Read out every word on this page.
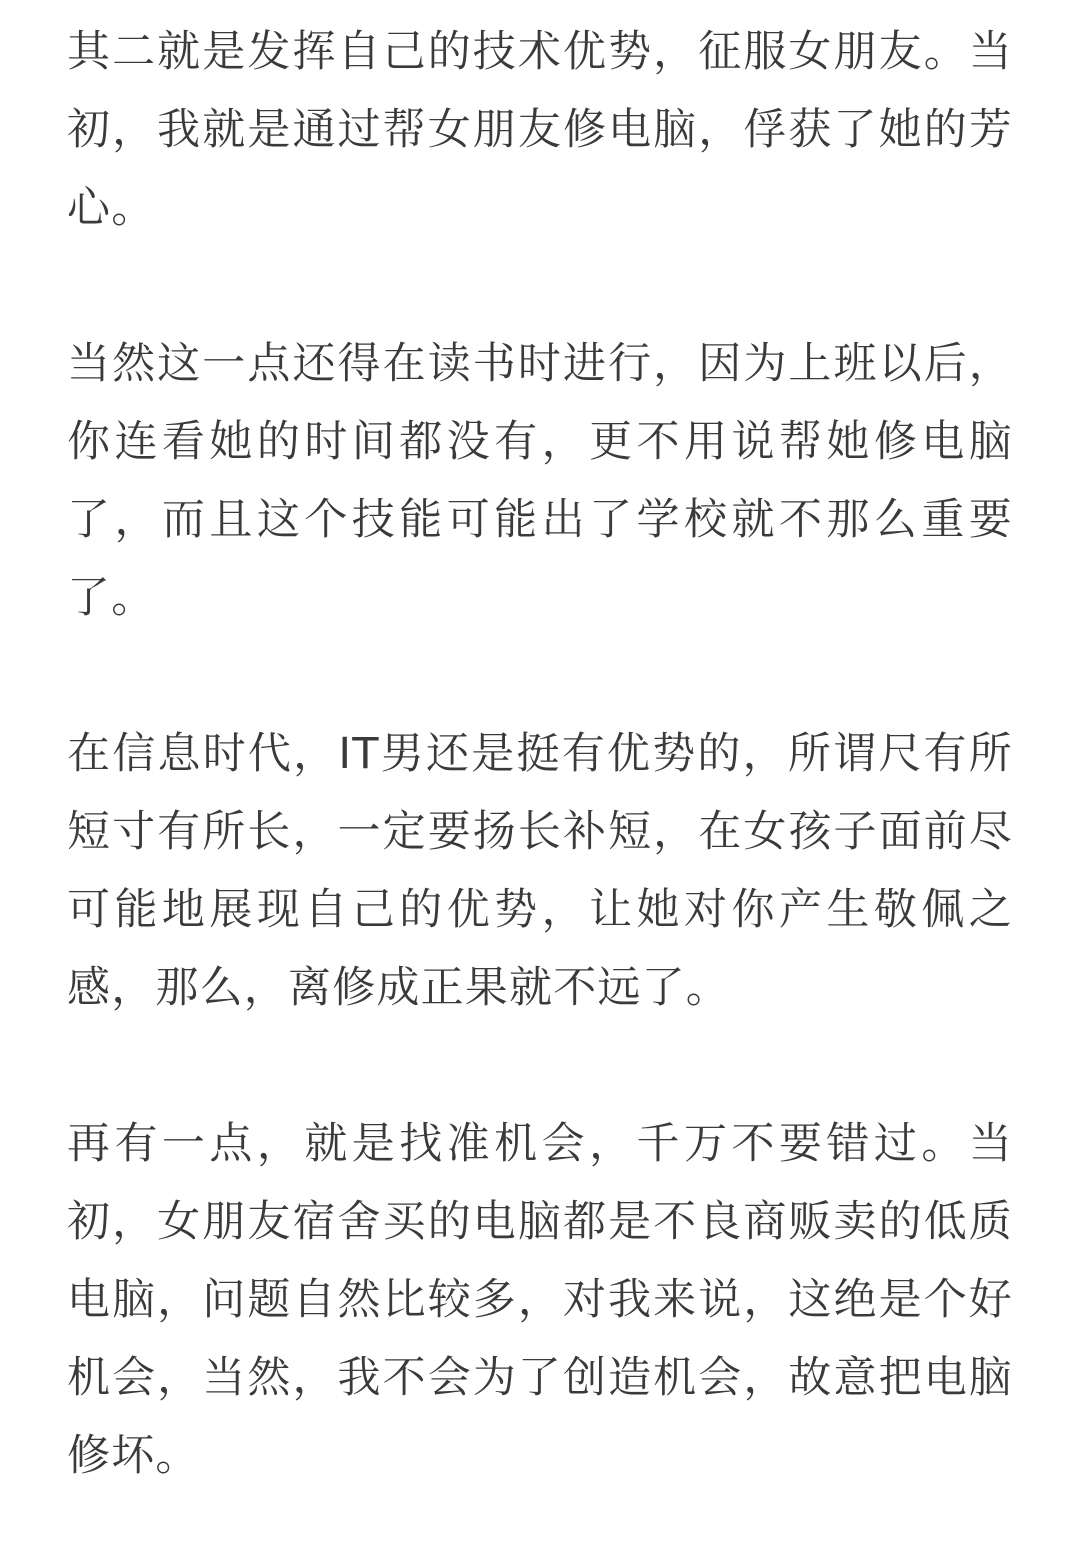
其二就是发挥自己的技术优势，征服女朋友。当初，我就是通过帮女朋友修电脑，俘获了她的芳心。

当然这一点还得在读书时进行，因为上班以后，你连看她的时间都没有，更不用说帮她修电脑了，而且这个技能可能出了学校就不那么重要了。

在信息时代，IT男还是挺有优势的，所谓尺有所短寸有所长，一定要扬长补短，在女孩子面前尽可能地展现自己的优势，让她对你产生敬佩之感，那么，离修成正果就不远了。

再有一点，就是找准机会，千万不要错过。当初，女朋友宿舍买的电脑都是不良商贩卖的低质电脑，问题自然比较多，对我来说，这绝是个好机会，当然，我不会为了创造机会，故意把电脑修坏。
